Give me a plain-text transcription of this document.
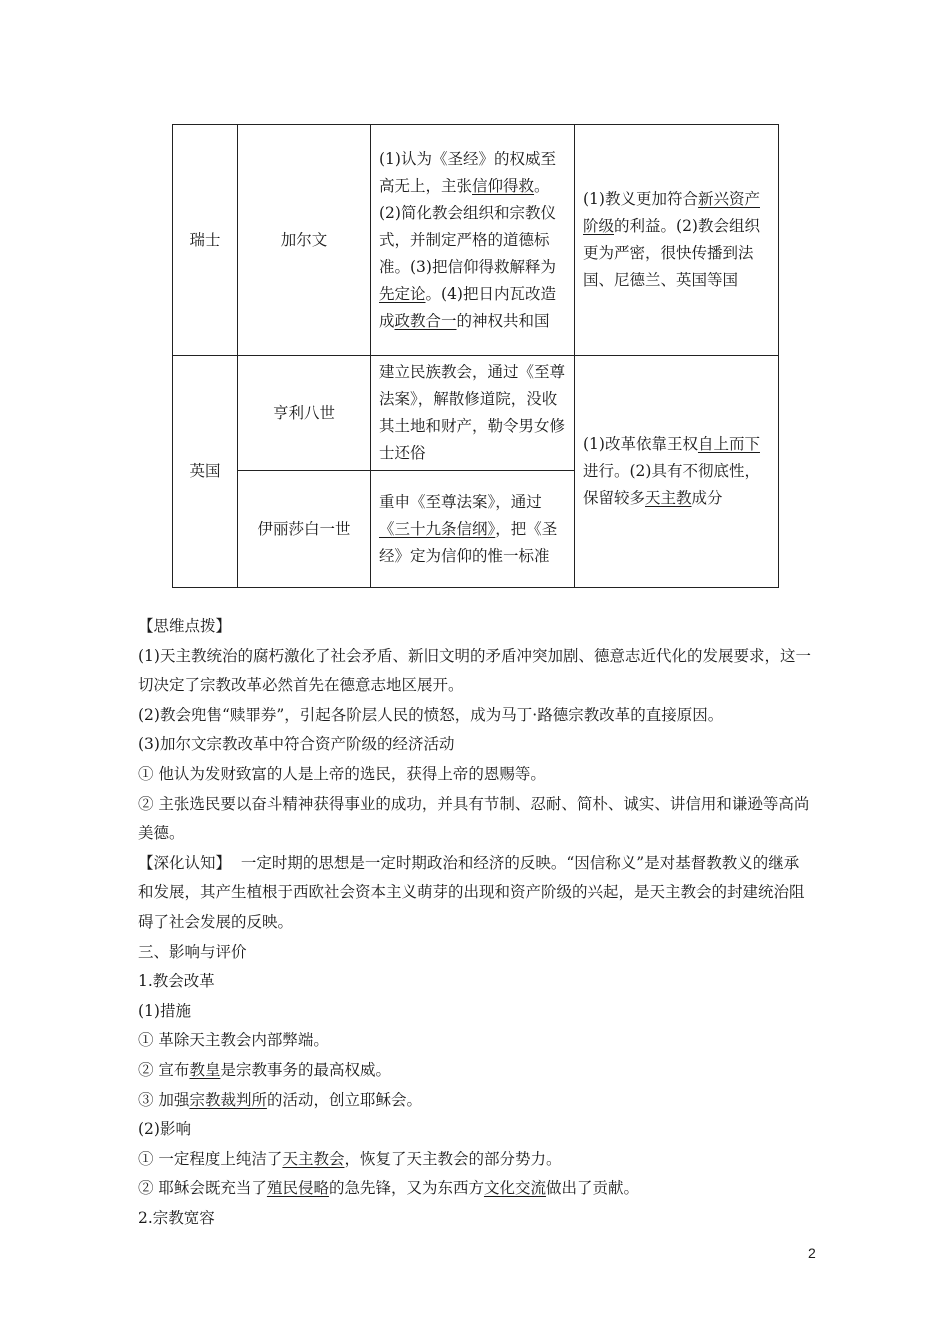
瑞士	加尔文	(1)认为《圣经》的权威至高无上，主张信仰得救。(2)简化教会组织和宗教仪式，并制定严格的道德标准。(3)把信仰得救解释为先定论。(4)把日内瓦改造成政教合一的神权共和国	(1)教义更加符合新兴资产阶级的利益。(2)教会组织更为严密，很快传播到法国、尼德兰、英国等国
英国	亨利八世	建立民族教会，通过《至尊法案》，解散修道院，没收其土地和财产，勒令男女修士还俗	(1)改革依靠王权自上而下进行。(2)具有不彻底性，保留较多天主教成分
	伊丽莎白一世	重申《至尊法案》，通过《三十九条信纲》，把《圣经》定为信仰的惟一标准	

【思维点拨】

(1)天主教统治的腐朽激化了社会矛盾、新旧文明的矛盾冲突加剧、德意志近代化的发展要求，这一切决定了宗教改革必然首先在德意志地区展开。

(2)教会兜售“赎罪券”，引起各阶层人民的愤怒，成为马丁·路德宗教改革的直接原因。

(3)加尔文宗教改革中符合资产阶级的经济活动

① 他认为发财致富的人是上帝的选民，获得上帝的恩赐等。

② 主张选民要以奋斗精神获得事业的成功，并具有节制、忍耐、简朴、诚实、讲信用和谦逊等高尚美德。

【深化认知】 一定时期的思想是一定时期政治和经济的反映。“因信称义”是对基督教教义的继承和发展，其产生植根于西欧社会资本主义萌芽的出现和资产阶级的兴起，是天主教会的封建统治阻碍了社会发展的反映。

三、影响与评价

1.教会改革

(1)措施

① 革除天主教会内部弊端。

② 宣布教皇是宗教事务的最高权威。

③ 加强宗教裁判所的活动，创立耶稣会。

(2)影响

① 一定程度上纯洁了天主教会，恢复了天主教会的部分势力。

② 耶稣会既充当了殖民侵略的急先锋，又为东西方文化交流做出了贡献。

2.宗教宽容

2
